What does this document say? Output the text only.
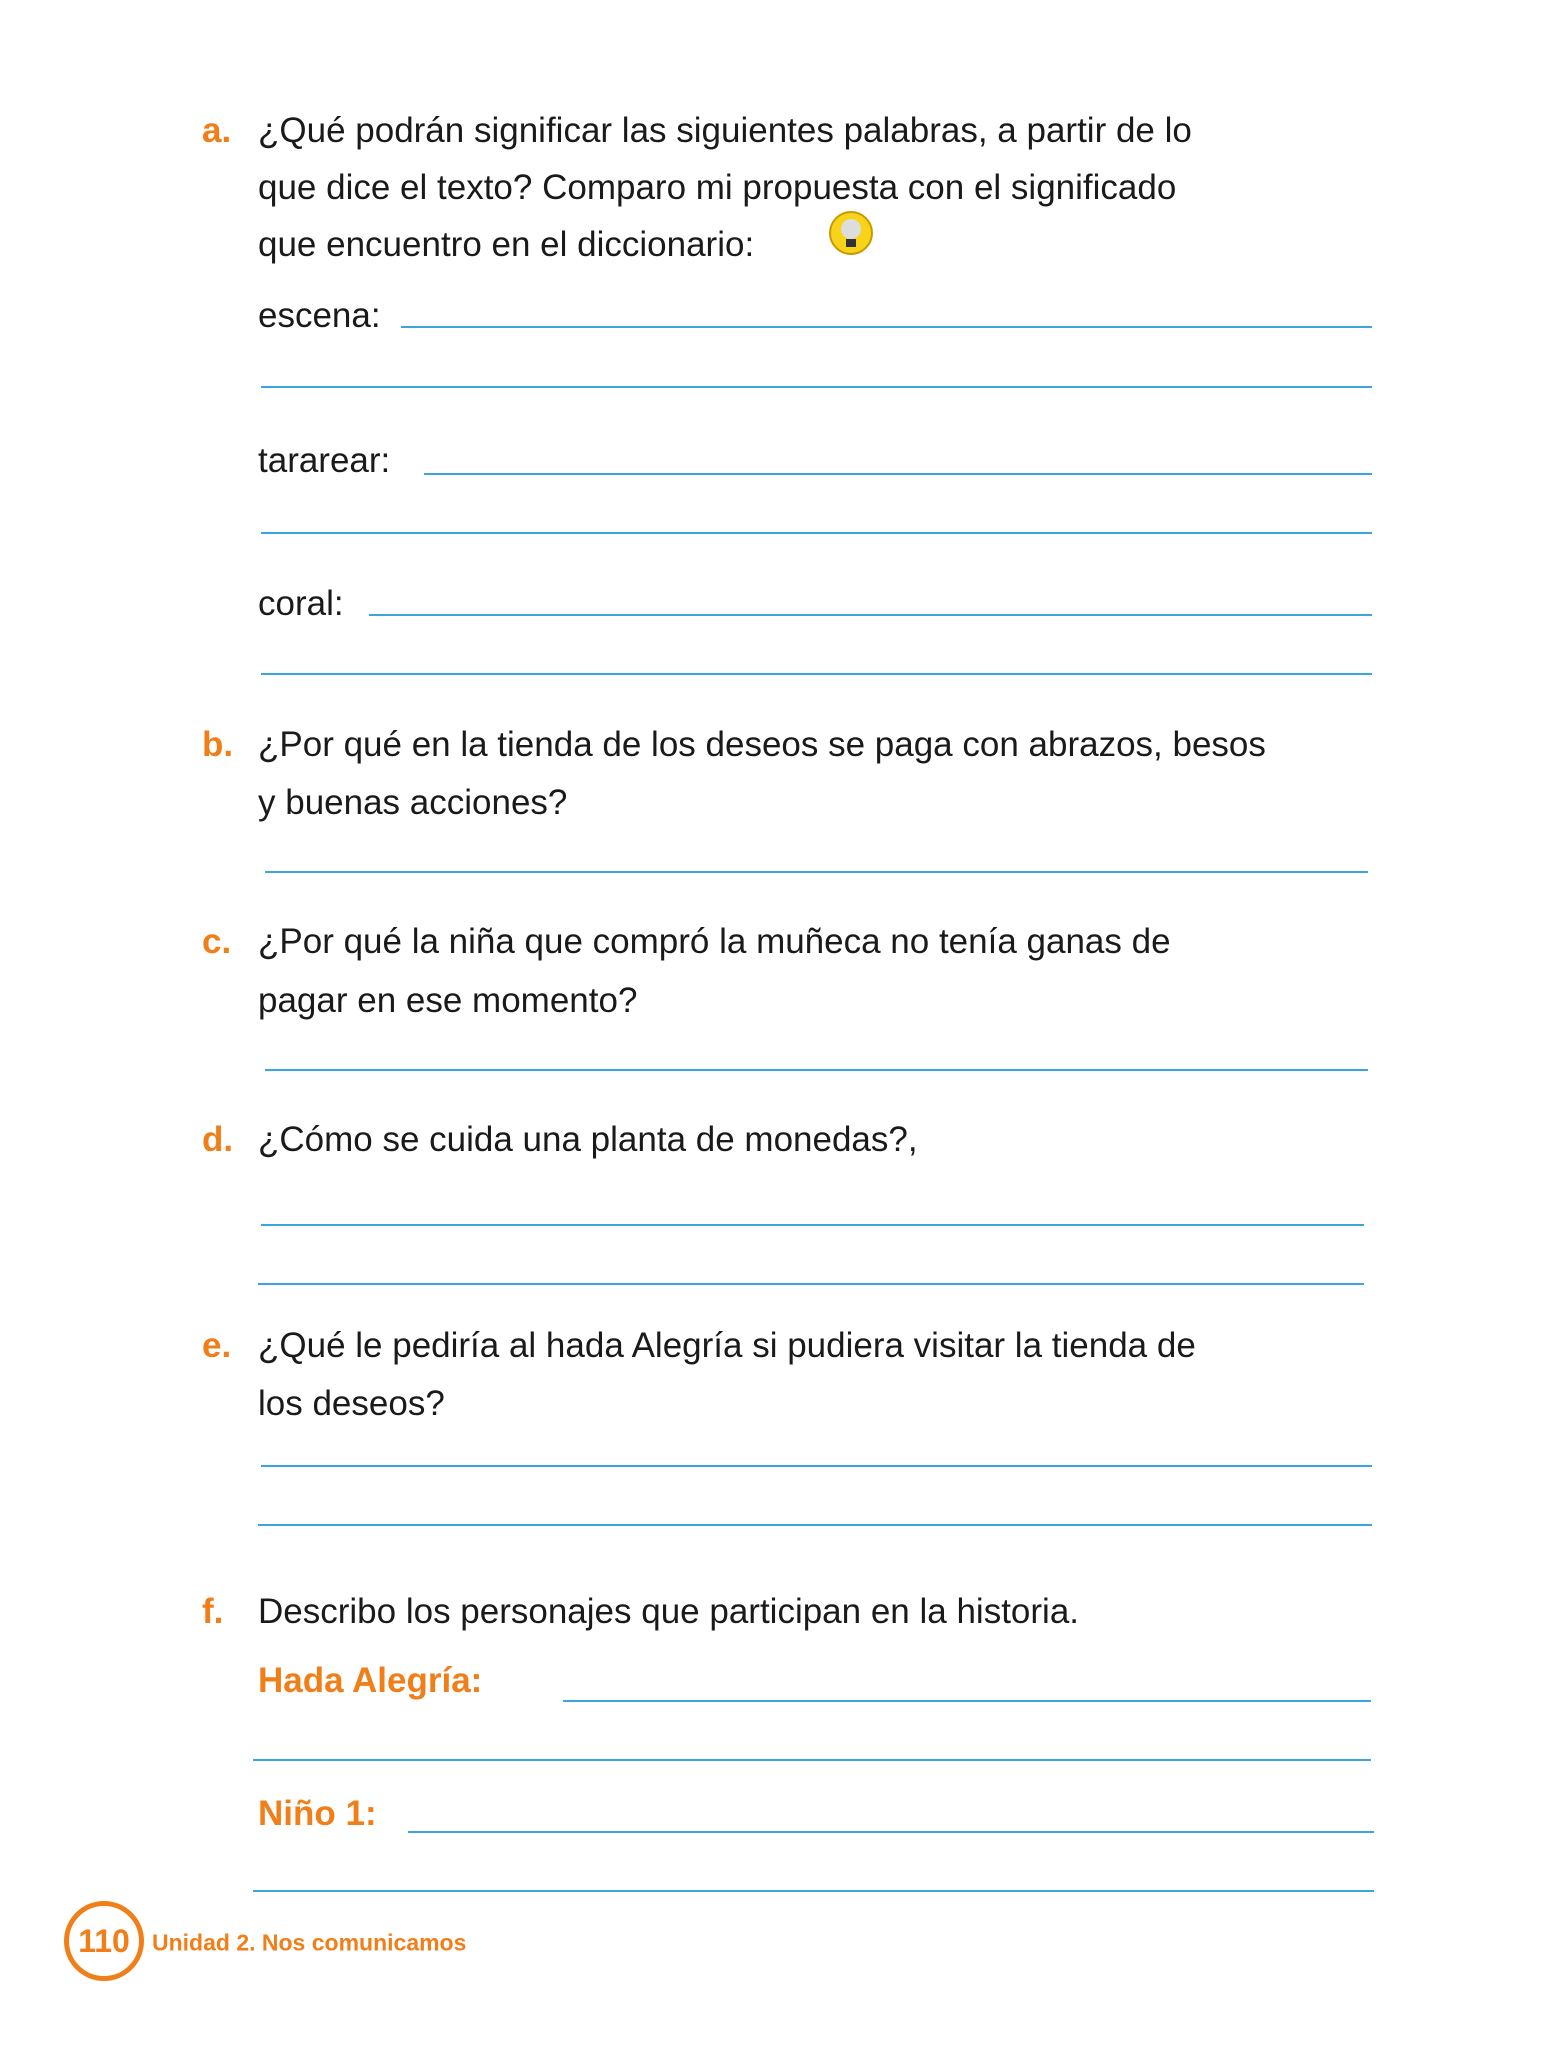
a. ¿Qué podrán significar las siguientes palabras, a partir de lo
que dice el texto? Comparo mi propuesta con el significado
que encuentro en el diccionario:
escena:
tararear:
coral:
b. ¿Por qué en la tienda de los deseos se paga con abrazos, besos
y buenas acciones?
c. ¿Por qué la niña que compró la muñeca no tenía ganas de
pagar en ese momento?
d. ¿Cómo se cuida una planta de monedas?,
e. ¿Qué le pediría al hada Alegría si pudiera visitar la tienda de
los deseos?
f. Describo los personajes que participan en la historia.
Hada Alegría:
Niño 1:
110 Unidad 2. Nos comunicamos
